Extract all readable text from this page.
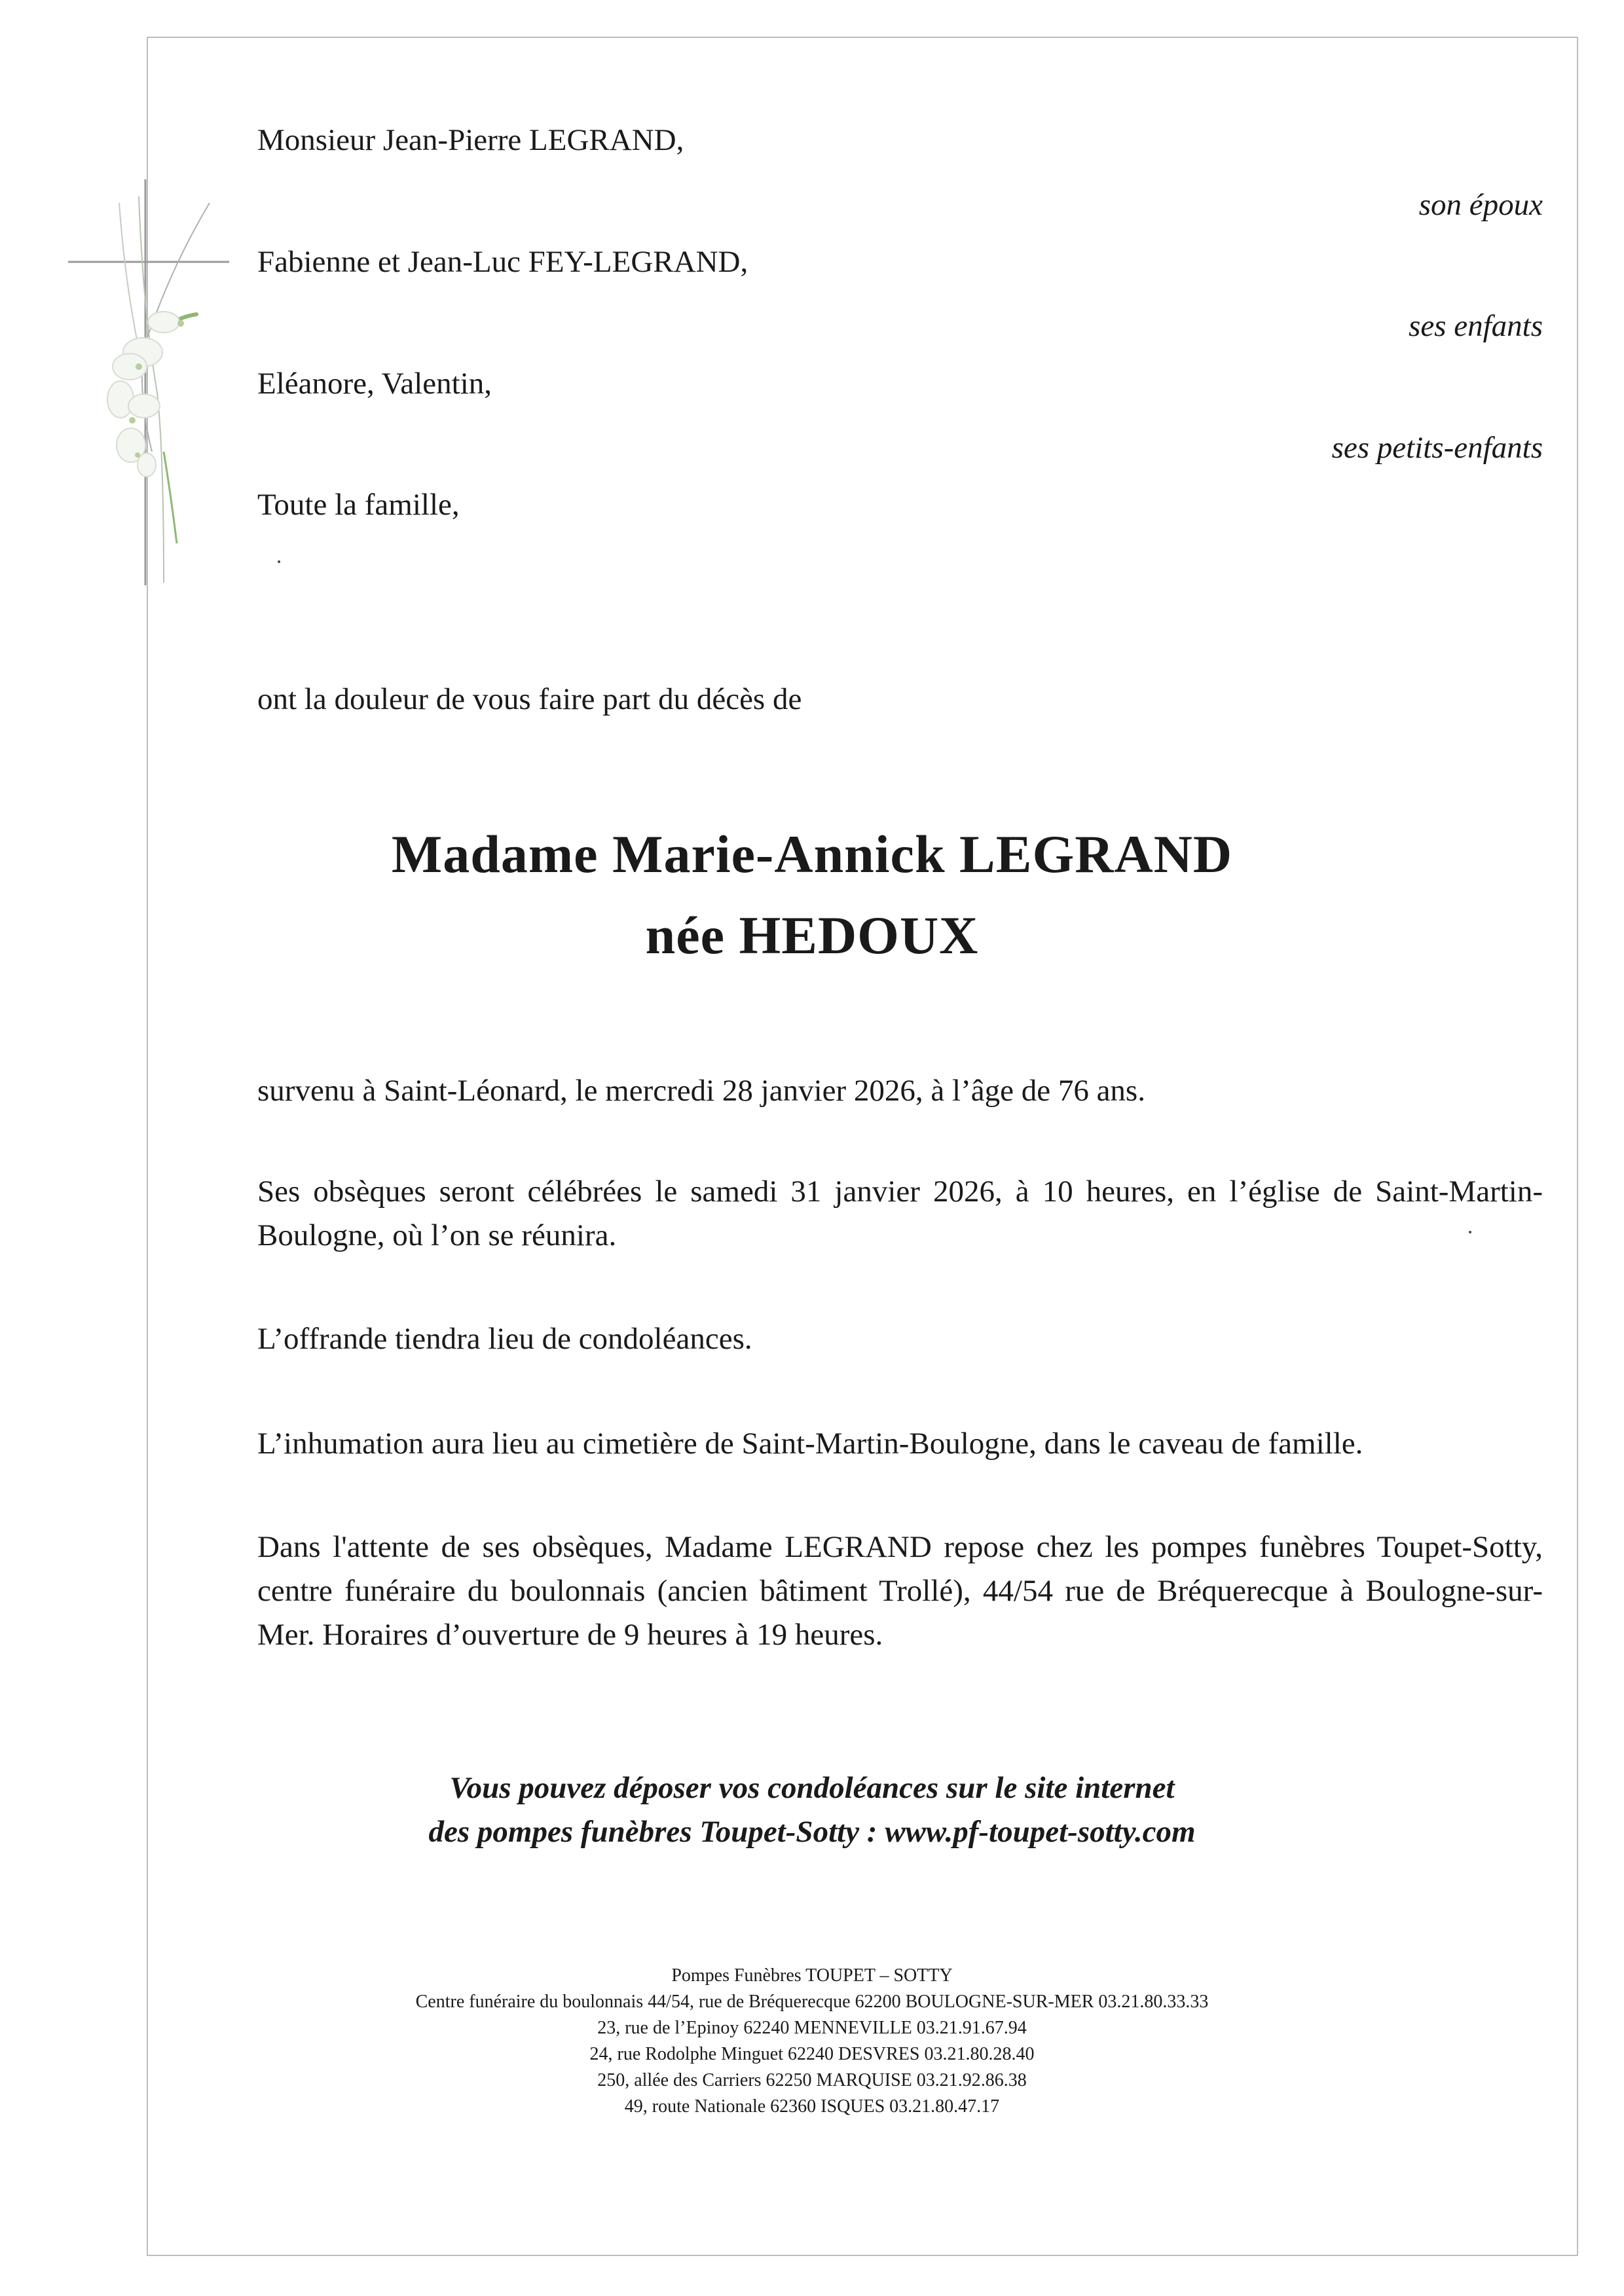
Monsieur Jean-Pierre LEGRAND,
son époux
Fabienne et Jean-Luc FEY-LEGRAND,
ses enfants
Eléanore, Valentin,
ses petits-enfants
Toute la famille,
ont la douleur de vous faire part du décès de
Madame Marie-Annick LEGRAND
née HEDOUX
survenu à Saint-Léonard, le mercredi 28 janvier 2026, à l’âge de 76 ans.
Ses obsèques seront célébrées le samedi 31 janvier 2026, à 10 heures, en l’église de Saint-Martin-Boulogne, où l’on se réunira.
L’offrande tiendra lieu de condoléances.
L’inhumation aura lieu au cimetière de Saint-Martin-Boulogne, dans le caveau de famille.
Dans l'attente de ses obsèques, Madame LEGRAND repose chez les pompes funèbres Toupet-Sotty, centre funéraire du boulonnais (ancien bâtiment Trollé), 44/54 rue de Bréquerecque à Boulogne-sur-Mer. Horaires d’ouverture de 9 heures à 19 heures.
Vous pouvez déposer vos condoléances sur le site internet
des pompes funèbres Toupet-Sotty : www.pf-toupet-sotty.com
Pompes Funèbres TOUPET – SOTTY
Centre funéraire du boulonnais 44/54, rue de Bréquerecque 62200 BOULOGNE-SUR-MER 03.21.80.33.33
23, rue de l’Epinoy 62240 MENNEVILLE 03.21.91.67.94
24, rue Rodolphe Minguet 62240 DESVRES 03.21.80.28.40
250, allée des Carriers 62250 MARQUISE 03.21.92.86.38
49, route Nationale 62360 ISQUES 03.21.80.47.17
